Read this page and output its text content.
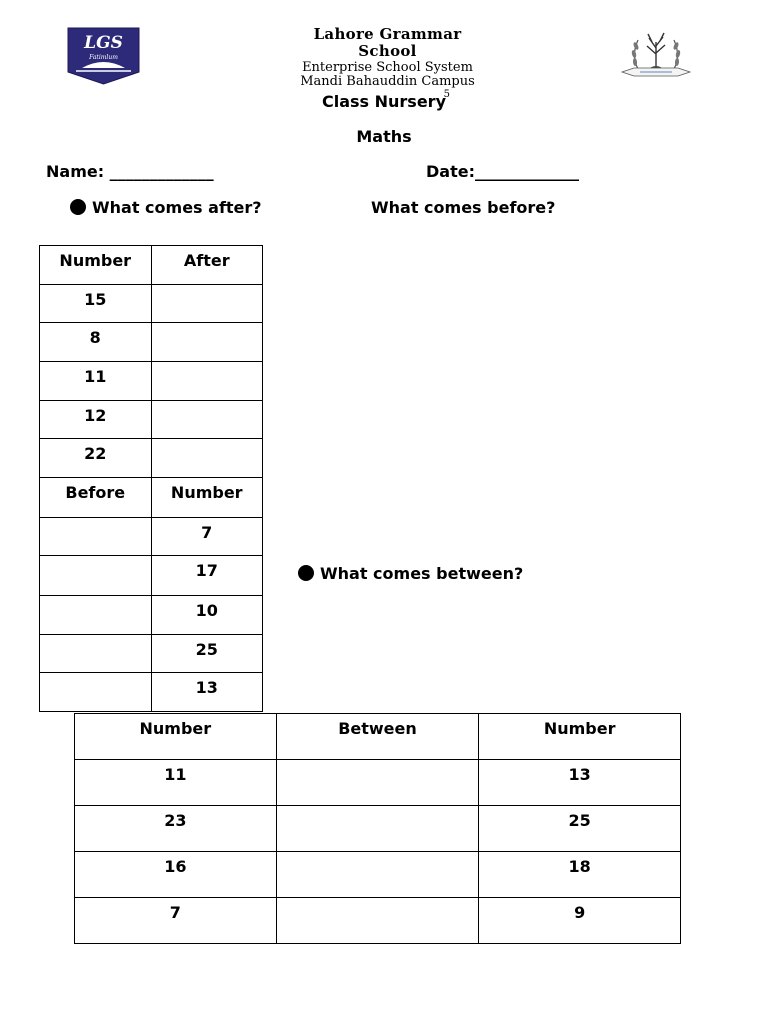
LGS
Fatimlum
Lahore Grammar School
Enterprise School System
Mandi Bahauddin Campus
5
Class Nursery
Maths
Name: _____________	Date:_____________
What comes after?	What comes before?
What comes between?
Number	After
15	
8	
11	
12	
22	
Before	Number
	7
	17
	10
	25
	13
Number	Between	Number
11		13
23		25
16		18
7		9
